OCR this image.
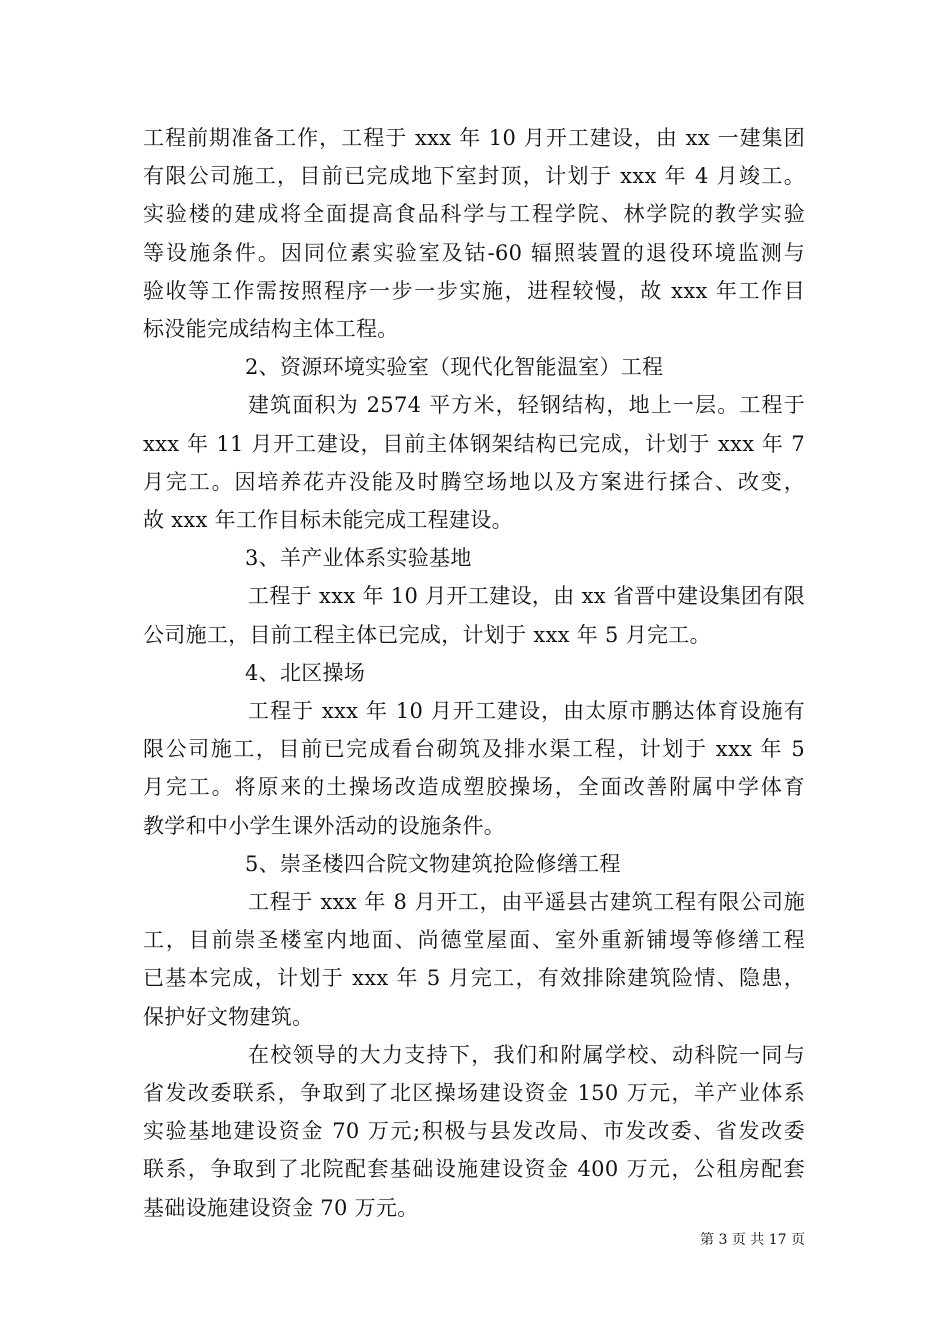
工程前期准备工作，工程于 xxx 年 10 月开工建设，由 xx 一建集团
有限公司施工，目前已完成地下室封顶，计划于 xxx 年 4 月竣工。
实验楼的建成将全面提高食品科学与工程学院、林学院的教学实验
等设施条件。因同位素实验室及钴-60 辐照装置的退役环境监测与
验收等工作需按照程序一步一步实施，进程较慢，故 xxx 年工作目
标没能完成结构主体工程。
2、资源环境实验室（现代化智能温室）工程
建筑面积为 2574 平方米，轻钢结构，地上一层。工程于
xxx 年 11 月开工建设，目前主体钢架结构已完成，计划于 xxx 年 7
月完工。因培养花卉没能及时腾空场地以及方案进行揉合、改变，
故 xxx 年工作目标未能完成工程建设。
3、羊产业体系实验基地
工程于 xxx 年 10 月开工建设，由 xx 省晋中建设集团有限
公司施工，目前工程主体已完成，计划于 xxx 年 5 月完工。
4、北区操场
工程于 xxx 年 10 月开工建设，由太原市鹏达体育设施有
限公司施工，目前已完成看台砌筑及排水渠工程，计划于 xxx 年 5
月完工。将原来的土操场改造成塑胶操场，全面改善附属中学体育
教学和中小学生课外活动的设施条件。
5、崇圣楼四合院文物建筑抢险修缮工程
工程于 xxx 年 8 月开工，由平遥县古建筑工程有限公司施
工，目前崇圣楼室内地面、尚德堂屋面、室外重新铺墁等修缮工程
已基本完成，计划于 xxx 年 5 月完工，有效排除建筑险情、隐患，
保护好文物建筑。
在校领导的大力支持下，我们和附属学校、动科院一同与
省发改委联系，争取到了北区操场建设资金 150 万元，羊产业体系
实验基地建设资金 70 万元;积极与县发改局、市发改委、省发改委
联系，争取到了北院配套基础设施建设资金 400 万元，公租房配套
基础设施建设资金 70 万元。
第 3 页 共 17 页
